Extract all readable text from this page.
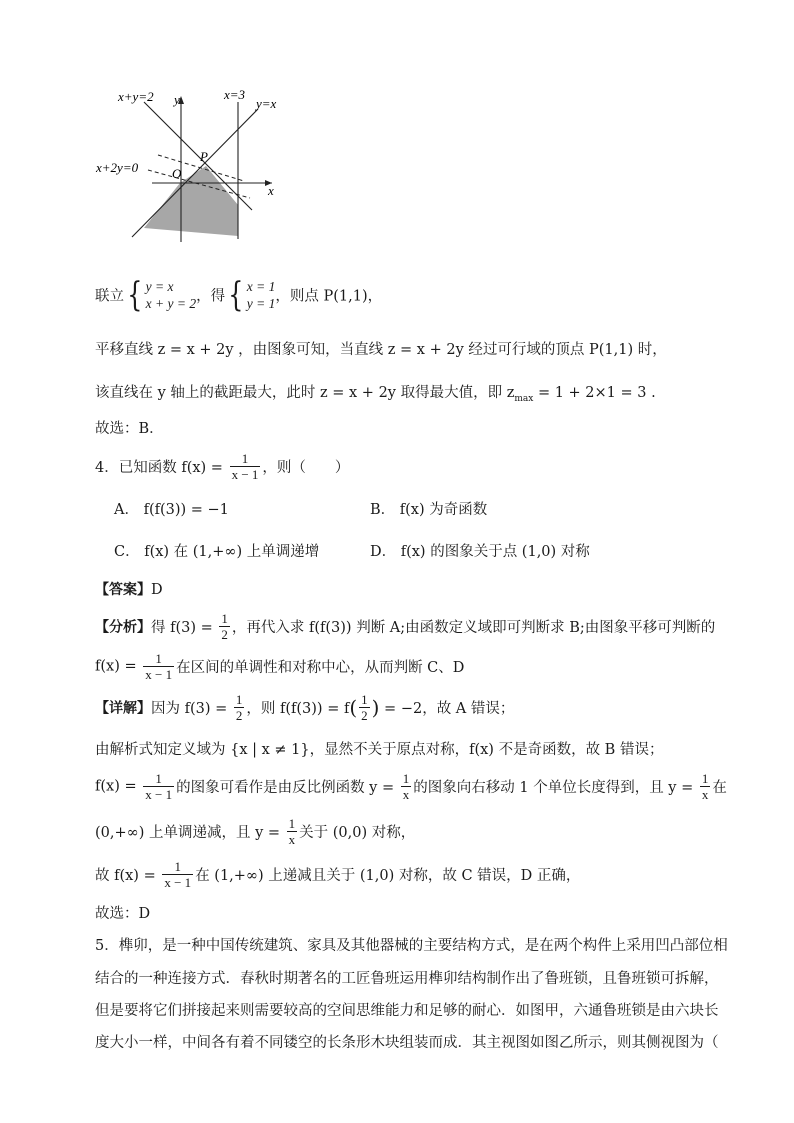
x+y=2 y	x=3
y=x
P
x+2y=0	O
x
联立{ y = x
x + y = 2，得{ x = 1
y = 1，则点 P(1,1)，
平移直线 z = x + 2y ，由图象可知，当直线 z = x + 2y 经过可行域的顶点 P(1,1) 时，
该直线在 y 轴上的截距最大，此时 z = x + 2y 取得最大值，即 $z_{max} = 1 + 2\times 1 = 3$ .
故选：B．
4．已知函数 $f(x) = \frac{1}{x - 1}$ ，则（　　）
A． f(f(3)) = −1	B． f(x) 为奇函数
C． f(x) 在 (1,+∞) 上单调递增	D． f(x) 的图象关于点 (1,0) 对称
【答案】D
【分析】得 $f(3) = \frac{1}{2}$ ，再代入求 f(f(3)) 判断 A;由函数定义域即可判断求 B;由图象平移可判断的
$f(x) = \frac{1}{x - 1}$ 在区间的单调性和对称中心，从而判断 C、D
【详解】因为 $f(3) = \frac{1}{2}$ ，则 $f(f(3)) = f( \frac{1}{2}$ ) = −2，故 A 错误；
由解析式知定义域为 {x | x ≠ 1}，显然不关于原点对称，f(x) 不是奇函数，故 B 错误；
$f(x) = \frac{1}{x - 1}$ 的图象可看作是由反比例函数 $y = \frac{1}{x}$ 的图象向右移动 1 个单位长度得到，且 $y = \frac{1}{x}$ 在
(0,+∞) 上单调递减，且 $y = \frac{1}{x}$ 关于 (0,0) 对称，
故 $f(x) = \frac{1}{x - 1}$ 在 (1,+∞) 上递减且关于 (1,0) 对称，故 C 错误，D 正确，
故选：D
5．榫卯，是一种中国传统建筑、家具及其他器械的主要结构方式，是在两个构件上采用凹凸部位相
结合的一种连接方式．春秋时期著名的工匠鲁班运用榫卯结构制作出了鲁班锁，且鲁班锁可拆解，
但是要将它们拼接起来则需要较高的空间思维能力和足够的耐心．如图甲，六通鲁班锁是由六块长
度大小一样，中间各有着不同镂空的长条形木块组装而成．其主视图如图乙所示，则其侧视图为（
